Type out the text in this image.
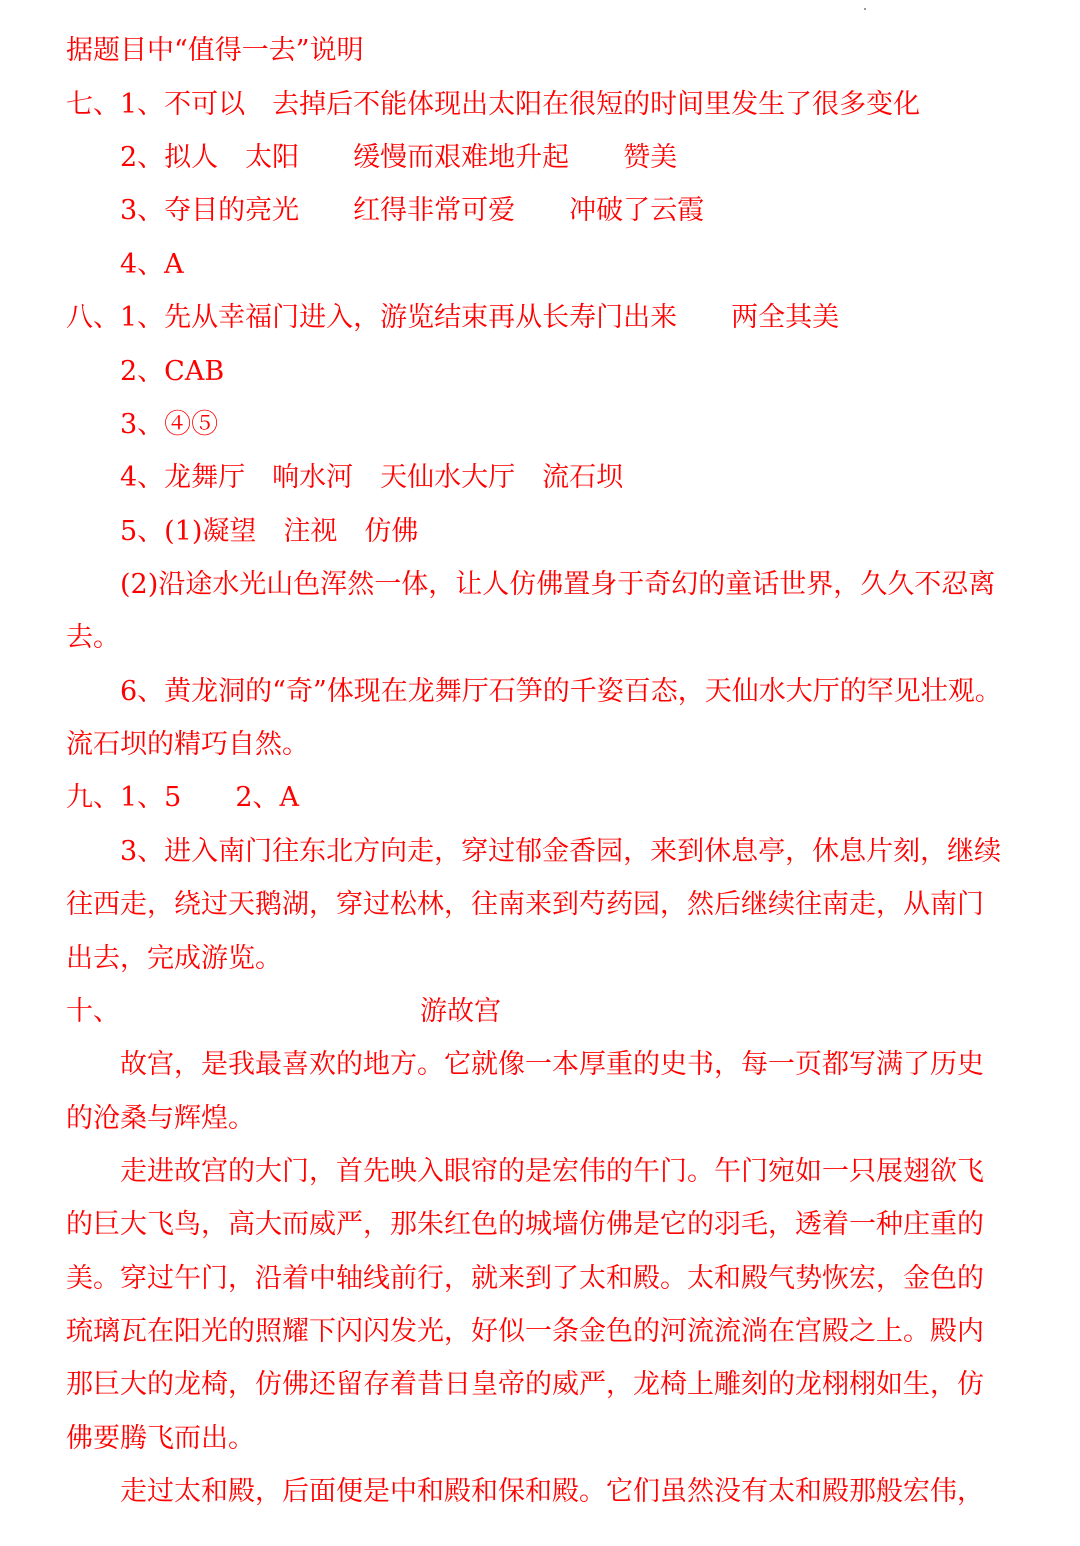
据题目中“值得一去”说明
七、1、不可以　去掉后不能体现出太阳在很短的时间里发生了很多变化
2、拟人　太阳　　缓慢而艰难地升起　　赞美
3、夺目的亮光　　红得非常可爱　　冲破了云霞
4、A
八、1、先从幸福门进入，游览结束再从长寿门出来　　两全其美
2、CAB
3、④⑤
4、龙舞厅　响水河　天仙水大厅　流石坝
5、(1)凝望　注视　仿佛
(2)沿途水光山色浑然一体，让人仿佛置身于奇幻的童话世界，久久不忍离
去。
6、黄龙洞的“奇”体现在龙舞厅石笋的千姿百态，天仙水大厅的罕见壮观。
流石坝的精巧自然。
九、1、5　　2、A
3、进入南门往东北方向走，穿过郁金香园，来到休息亭，休息片刻，继续
往西走，绕过天鹅湖，穿过松林，往南来到芍药园，然后继续往南走，从南门
出去，完成游览。
十、	游故宫
故宫，是我最喜欢的地方。它就像一本厚重的史书，每一页都写满了历史
的沧桑与辉煌。
走进故宫的大门，首先映入眼帘的是宏伟的午门。午门宛如一只展翅欲飞
的巨大飞鸟，高大而威严，那朱红色的城墙仿佛是它的羽毛，透着一种庄重的
美。穿过午门，沿着中轴线前行，就来到了太和殿。太和殿气势恢宏，金色的
琉璃瓦在阳光的照耀下闪闪发光，好似一条金色的河流流淌在宫殿之上。殿内
那巨大的龙椅，仿佛还留存着昔日皇帝的威严，龙椅上雕刻的龙栩栩如生，仿
佛要腾飞而出。
走过太和殿，后面便是中和殿和保和殿。它们虽然没有太和殿那般宏伟，
